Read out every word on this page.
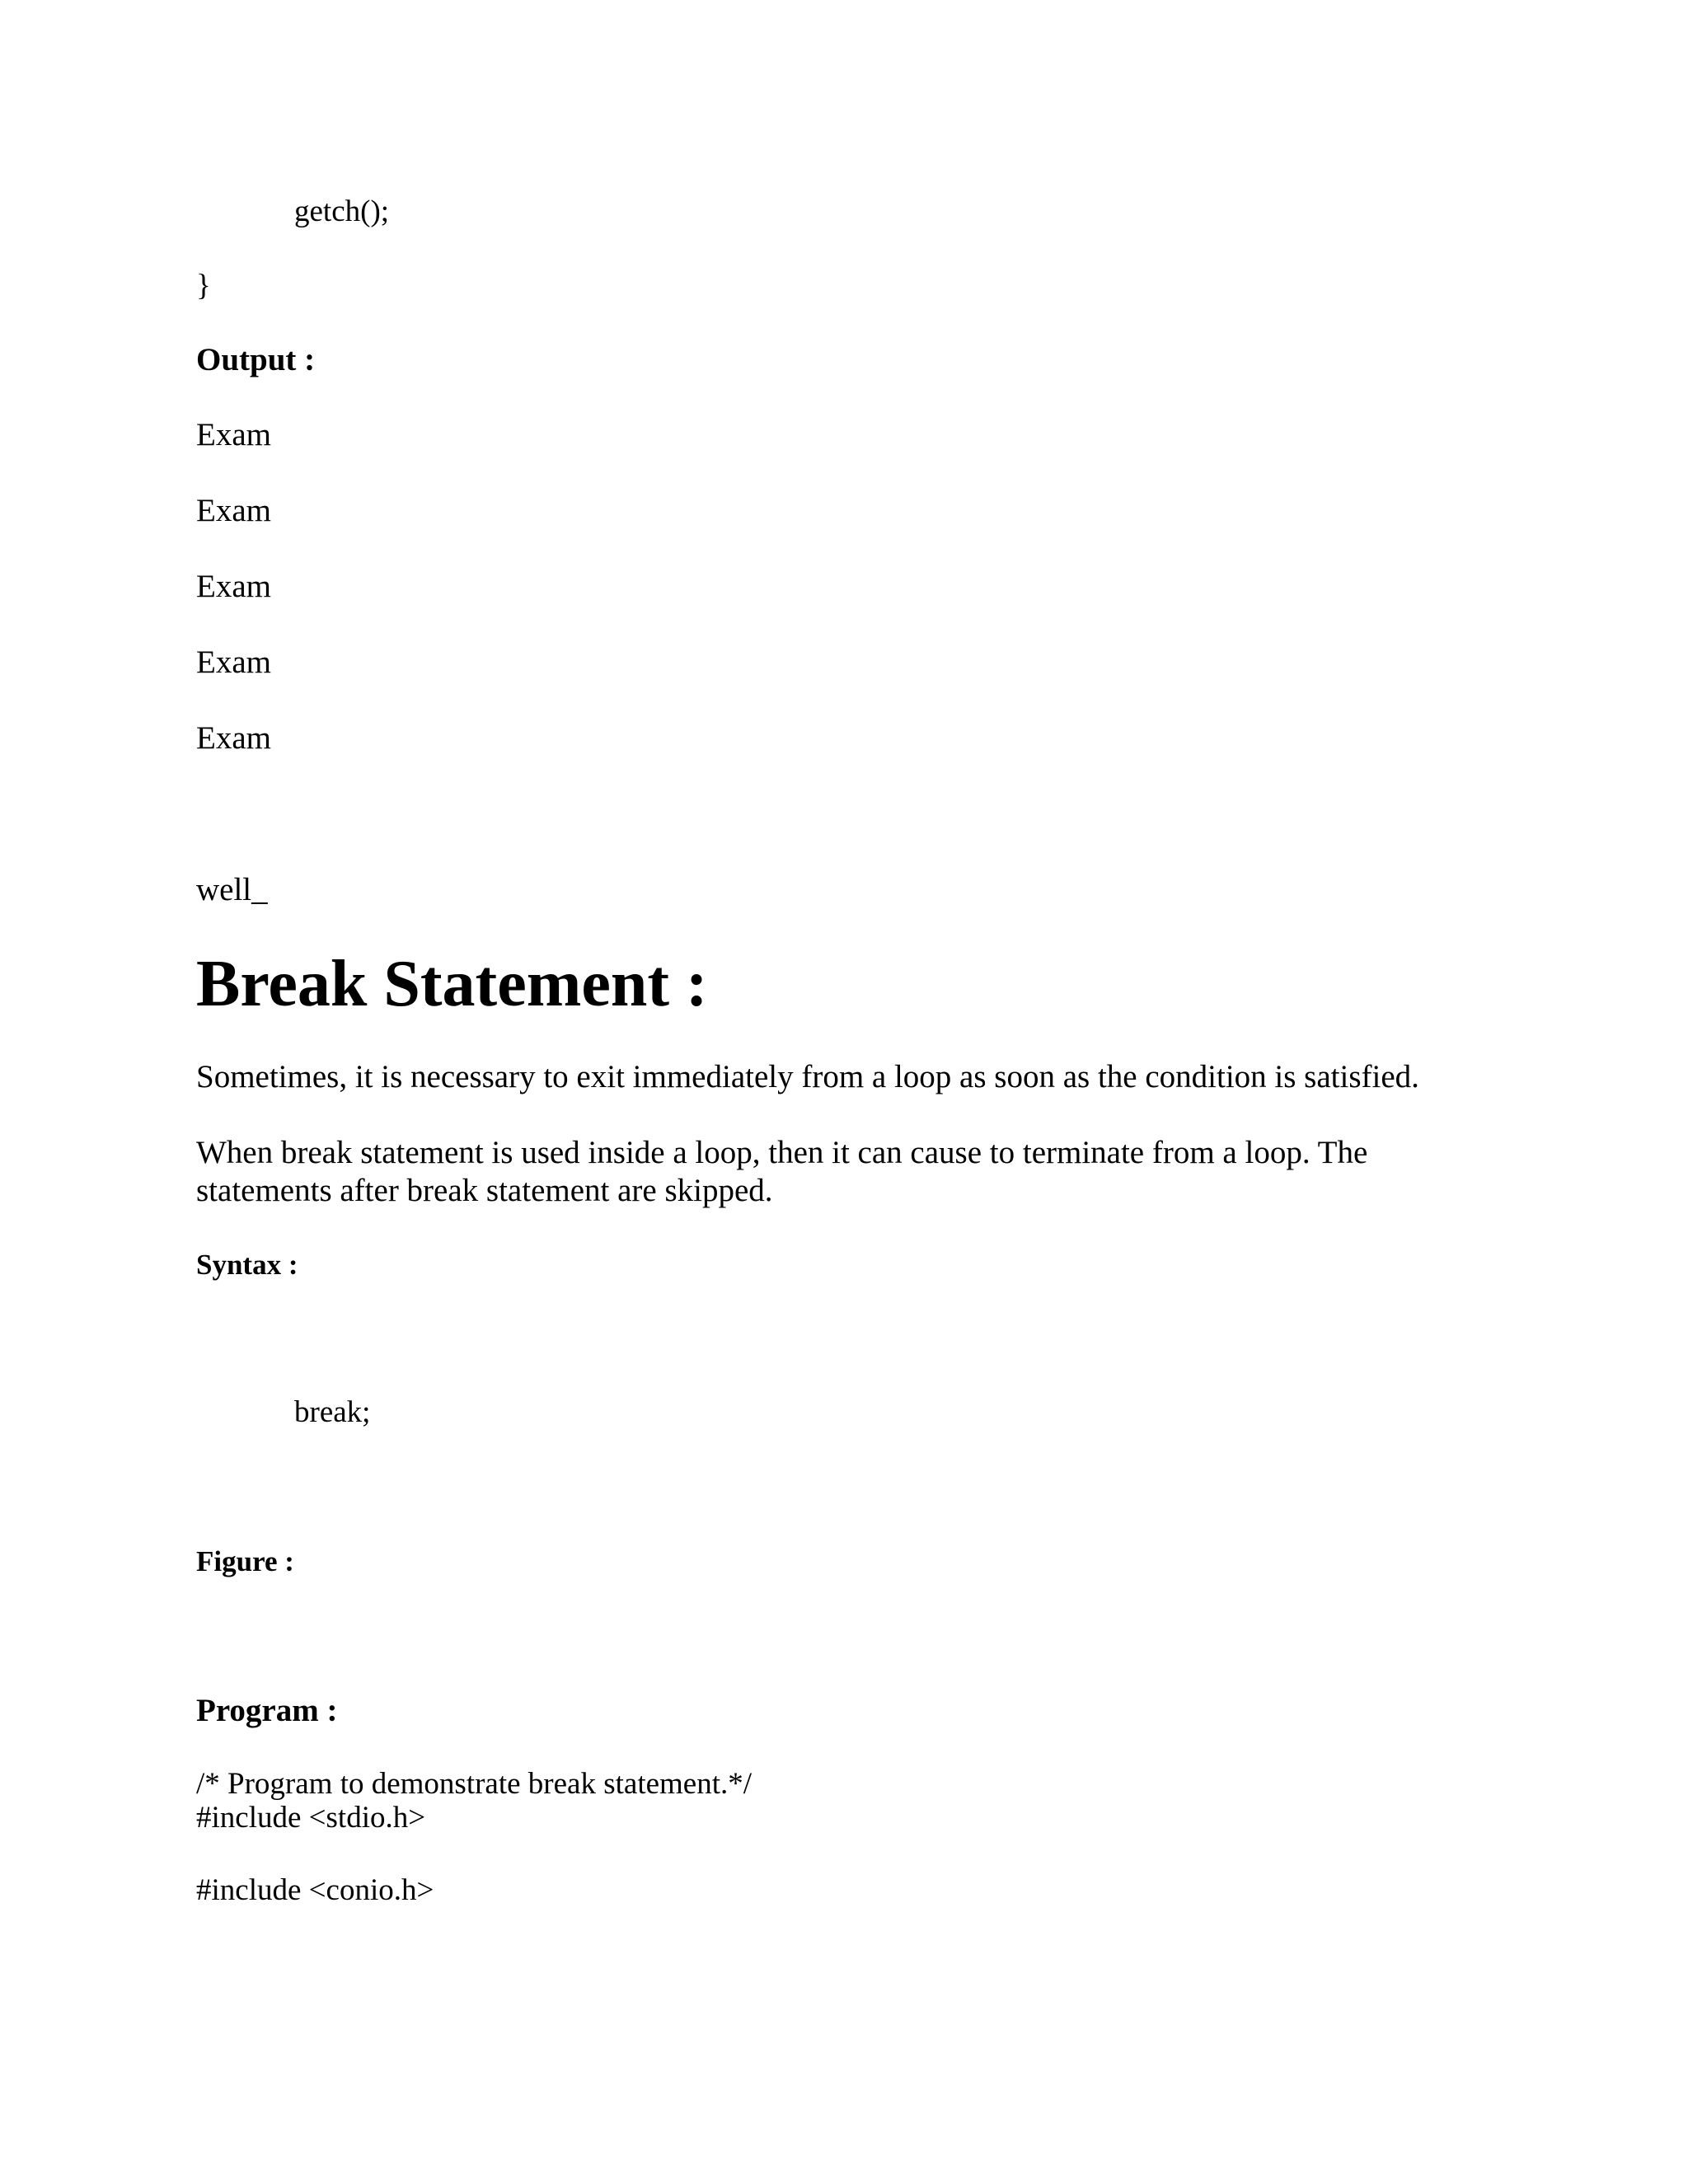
getch();
}
Output :
Exam
Exam
Exam
Exam
Exam
well_
Break Statement :
Sometimes, it is necessary to exit immediately from a loop as soon as the condition is satisfied.
When break statement is used inside a loop, then it can cause to terminate from a loop. The statements after break statement are skipped.
Syntax :
break;
Figure :
Program :
/* Program to demonstrate break statement.*/
#include <stdio.h>
#include <conio.h>
